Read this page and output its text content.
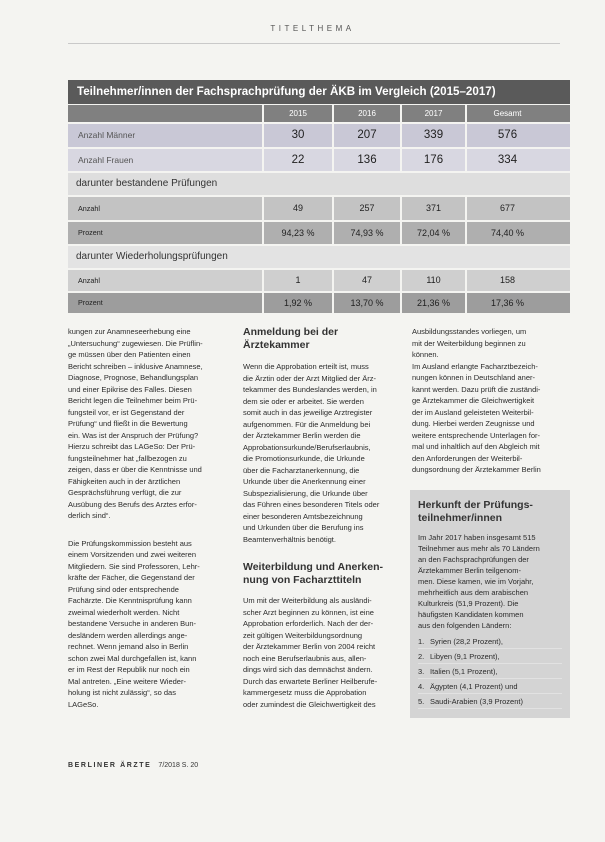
TITELTHEMA
Teilnehmer/innen der Fachsprachprüfung der ÄKB im Vergleich (2015–2017)
2015	2016	2017	Gesamt
Anzahl Männer	30	207	339	576
Anzahl Frauen	22	136	176	334
darunter bestandene Prüfungen
Anzahl	49	257	371	677
Prozent	94,23 %	74,93 %	72,04 %	74,40 %
darunter Wiederholungsprüfungen
Anzahl	1	47	110	158
Prozent	1,92 %	13,70 %	21,36 %	17,36 %
kungen zur Anamneseerhebung eine
„Untersuchung“ zugewiesen. Die Prüflin-
ge müssen über den Patienten einen
Bericht schreiben – inklusive Anamnese,
Diagnose, Prognose, Behandlungsplan
und einer Epikrise des Falles. Diesen
Bericht legen die Teilnehmer beim Prü-
fungsteil vor, er ist Gegenstand der
Prüfung“ und fließt in die Bewertung
ein. Was ist der Anspruch der Prüfung?
Hierzu schreibt das LAGeSo: Der Prü-
fungsteilnehmer hat „fallbezogen zu
zeigen, dass er über die Kenntnisse und
Fähigkeiten auch in der ärztlichen
Gesprächsführung verfügt, die zur
Ausübung des Berufs des Arztes erfor-
derlich sind“.
Die Prüfungskommission besteht aus
einem Vorsitzenden und zwei weiteren
Mitgliedern. Sie sind Professoren, Lehr-
kräfte der Fächer, die Gegenstand der
Prüfung sind oder entsprechende
Fachärzte. Die Kenntnisprüfung kann
zweimal wiederholt werden. Nicht
bestandene Versuche in anderen Bun-
desländern werden allerdings ange-
rechnet. Wenn jemand also in Berlin
schon zwei Mal durchgefallen ist, kann
er im Rest der Republik nur noch ein
Mal antreten. „Eine weitere Wieder-
holung ist nicht zulässig“, so das
LAGeSo.
Anmeldung bei der
Ärztekammer
Wenn die Approbation erteilt ist, muss
die Ärztin oder der Arzt Mitglied der Ärz-
tekammer des Bundeslandes werden, in
dem sie oder er arbeitet. Sie werden
somit auch in das jeweilige Arztregister
aufgenommen. Für die Anmeldung bei
der Ärztekammer Berlin werden die
Approbationsurkunde/Berufserlaubnis,
die Promotionsurkunde, die Urkunde
über die Facharztanerkennung, die
Urkunde über die Anerkennung einer
Subspezialisierung, die Urkunde über
das Führen eines besonderen Titels oder
einer besonderen Amtsbezeichnung
und Urkunden über die Berufung ins
Beamtenverhältnis benötigt.
Weiterbildung und Anerken-
nung von Facharzttiteln
Um mit der Weiterbildung als ausländi-
scher Arzt beginnen zu können, ist eine
Approbation erforderlich. Nach der der-
zeit gültigen Weiterbildungsordnung
der Ärztekammer Berlin von 2004 reicht
noch eine Berufserlaubnis aus, allen-
dings wird sich das demnächst ändern.
Durch das erwartete Berliner Heilberufe-
kammergesetz muss die Approbation
oder zumindest die Gleichwertigkeit des
Ausbildungsstandes vorliegen, um
mit der Weiterbildung beginnen zu
können.
Im Ausland erlangte Facharztbezeich-
nungen können in Deutschland aner-
kannt werden. Dazu prüft die zuständi-
ge Ärztekammer die Gleichwertigkeit
der im Ausland geleisteten Weiterbil-
dung. Hierbei werden Zeugnisse und
weitere entsprechende Unterlagen for-
mal und inhaltlich auf den Abgleich mit
den Anforderungen der Weiterbil-
dungsordnung der Ärztekammer Berlin
Herkunft der Prüfungs-
teilnehmer/innen
Im Jahr 2017 haben insgesamt 515
Teilnehmer aus mehr als 70 Ländern
an den Fachsprachprüfungen der
Ärztekammer Berlin teilgenom-
men. Diese kamen, wie im Vorjahr,
mehrheitlich aus dem arabischen
Kulturkreis (51,9 Prozent). Die
häufigsten Kandidaten kommen
aus den folgenden Ländern:
1. Syrien (28,2 Prozent),
2. Libyen (9,1 Prozent),
3. Italien (5,1 Prozent),
4. Ägypten (4,1 Prozent) und
5. Saudi-Arabien (3,9 Prozent)
BERLINER ÄRZTE 7/2018 S. 20
